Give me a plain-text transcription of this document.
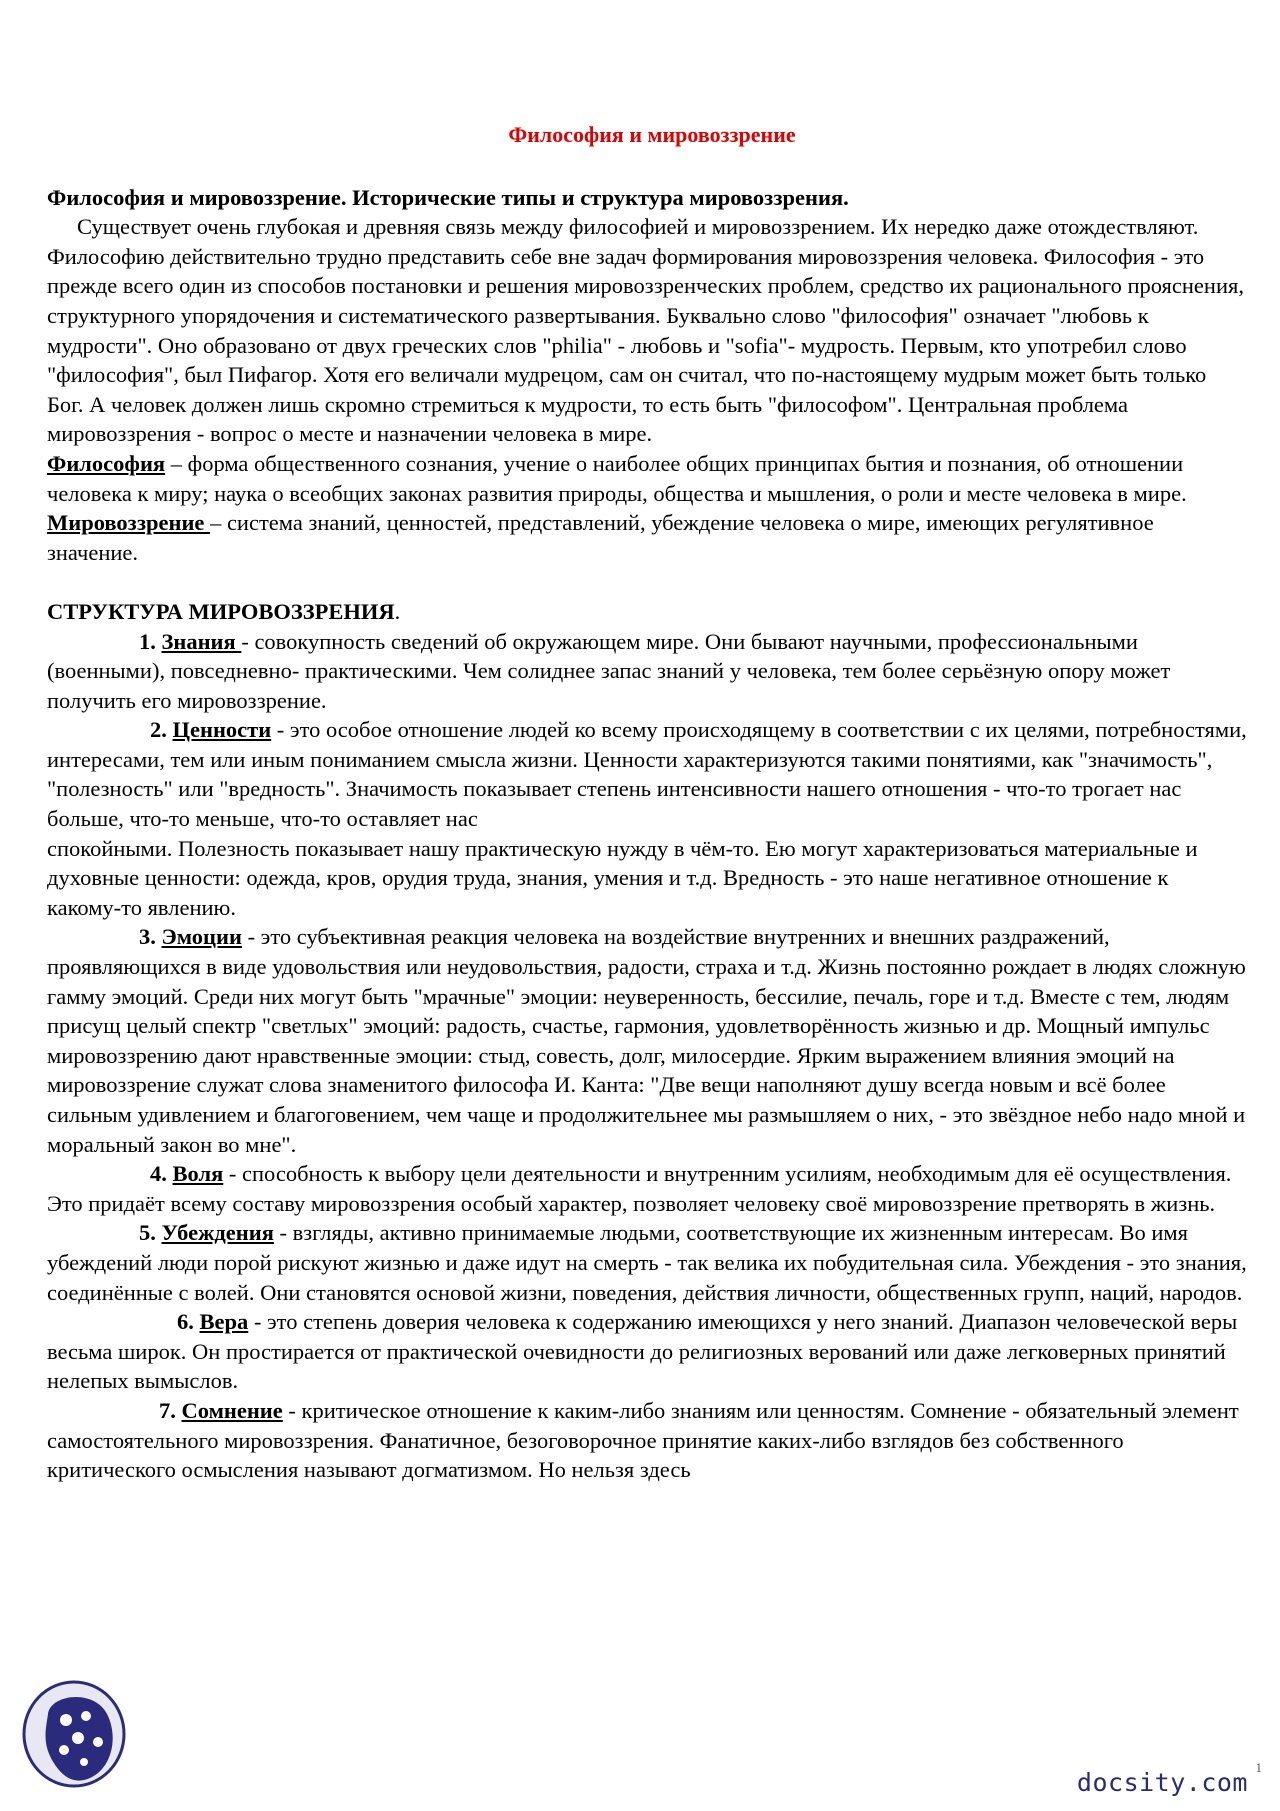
1
Философия и мировоззрение

Философия и мировоззрение. Исторические типы и структура мировоззрения.

Существует очень глубокая и древняя связь между философией и мировоззрением. Их нередко даже отождествляют. Философию действительно трудно представить себе вне задач формирования мировоззрения человека. Философия - это прежде всего один из способов постановки и решения мировоззренческих проблем, средство их рационального прояснения, структурного упорядочения и систематического развертывания. Буквально слово "философия" означает "любовь к мудрости". Оно образовано от двух греческих слов "philia" - любовь и "sofia"- мудрость. Первым, кто употребил слово "философия", был Пифагор. Хотя его величали мудрецом, сам он считал, что по-настоящему мудрым может быть только Бог. А человек должен лишь скромно стремиться к мудрости, то есть быть "философом". Центральная проблема мировоззрения - вопрос о месте и назначении человека в мире.

Философия – форма общественного сознания, учение о наиболее общих принципах бытия и познания, об отношении человека к миру; наука о всеобщих законах развития природы, общества и мышления, о роли и месте человека в мире.

Мировоззрение – система знаний, ценностей, представлений, убеждение человека о мире, имеющих регулятивное значение.

СТРУКТУРА МИРОВОЗЗРЕНИЯ.

1. Знания - совокупность сведений об окружающем мире. Они бывают научными, профессиональными (военными), повседневно- практическими. Чем солиднее запас знаний у человека, тем более серьёзную опору может получить его мировоззрение.

2. Ценности - это особое отношение людей ко всему происходящему в соответствии с их целями, потребностями, интересами, тем или иным пониманием смысла жизни. Ценности характеризуются такими понятиями, как "значимость", "полезность" или "вредность". Значимость показывает степень интенсивности нашего отношения - что-то трогает нас больше, что-то меньше, что-то оставляет нас

спокойными. Полезность показывает нашу практическую нужду в чём-то. Ею могут характеризоваться материальные и духовные ценности: одежда, кров, орудия труда, знания, умения и т.д. Вредность - это наше негативное отношение к какому-то явлению.

3. Эмоции - это субъективная реакция человека на воздействие внутренних и внешних раздражений, проявляющихся в виде удовольствия или неудовольствия, радости, страха и т.д. Жизнь постоянно рождает в людях сложную гамму эмоций. Среди них могут быть "мрачные" эмоции: неуверенность, бессилие, печаль, горе и т.д. Вместе с тем, людям присущ целый спектр "светлых" эмоций: радость, счастье, гармония, удовлетворённость жизнью и др. Мощный импульс мировоззрению дают нравственные эмоции: стыд, совесть, долг, милосердие. Ярким выражением влияния эмоций на мировоззрение служат слова знаменитого философа И. Канта: "Две вещи наполняют душу всегда новым и всё более сильным удивлением и благоговением, чем чаще и продолжительнее мы размышляем о них, - это звёздное небо надо мной и моральный закон во мне".

4. Воля - способность к выбору цели деятельности и внутренним усилиям, необходимым для её осуществления. Это придаёт всему составу мировоззрения особый характер, позволяет человеку своё мировоззрение претворять в жизнь.

5. Убеждения - взгляды, активно принимаемые людьми, соответствующие их жизненным интересам. Во имя убеждений люди порой рискуют жизнью и даже идут на смерть - так велика их побудительная сила. Убеждения - это знания, соединённые с волей. Они становятся основой жизни, поведения, действия личности, общественных групп, наций, народов.

6. Вера - это степень доверия человека к содержанию имеющихся у него знаний. Диапазон человеческой веры весьма широк. Он простирается от практической очевидности до религиозных верований или даже легковерных принятий нелепых вымыслов.

7. Сомнение - критическое отношение к каким-либо знаниям или ценностям. Сомнение - обязательный элемент самостоятельного мировоззрения. Фанатичное, безоговорочное принятие каких-либо взглядов без собственного критического осмысления называют догматизмом. Но нельзя здесь

docsity.com
